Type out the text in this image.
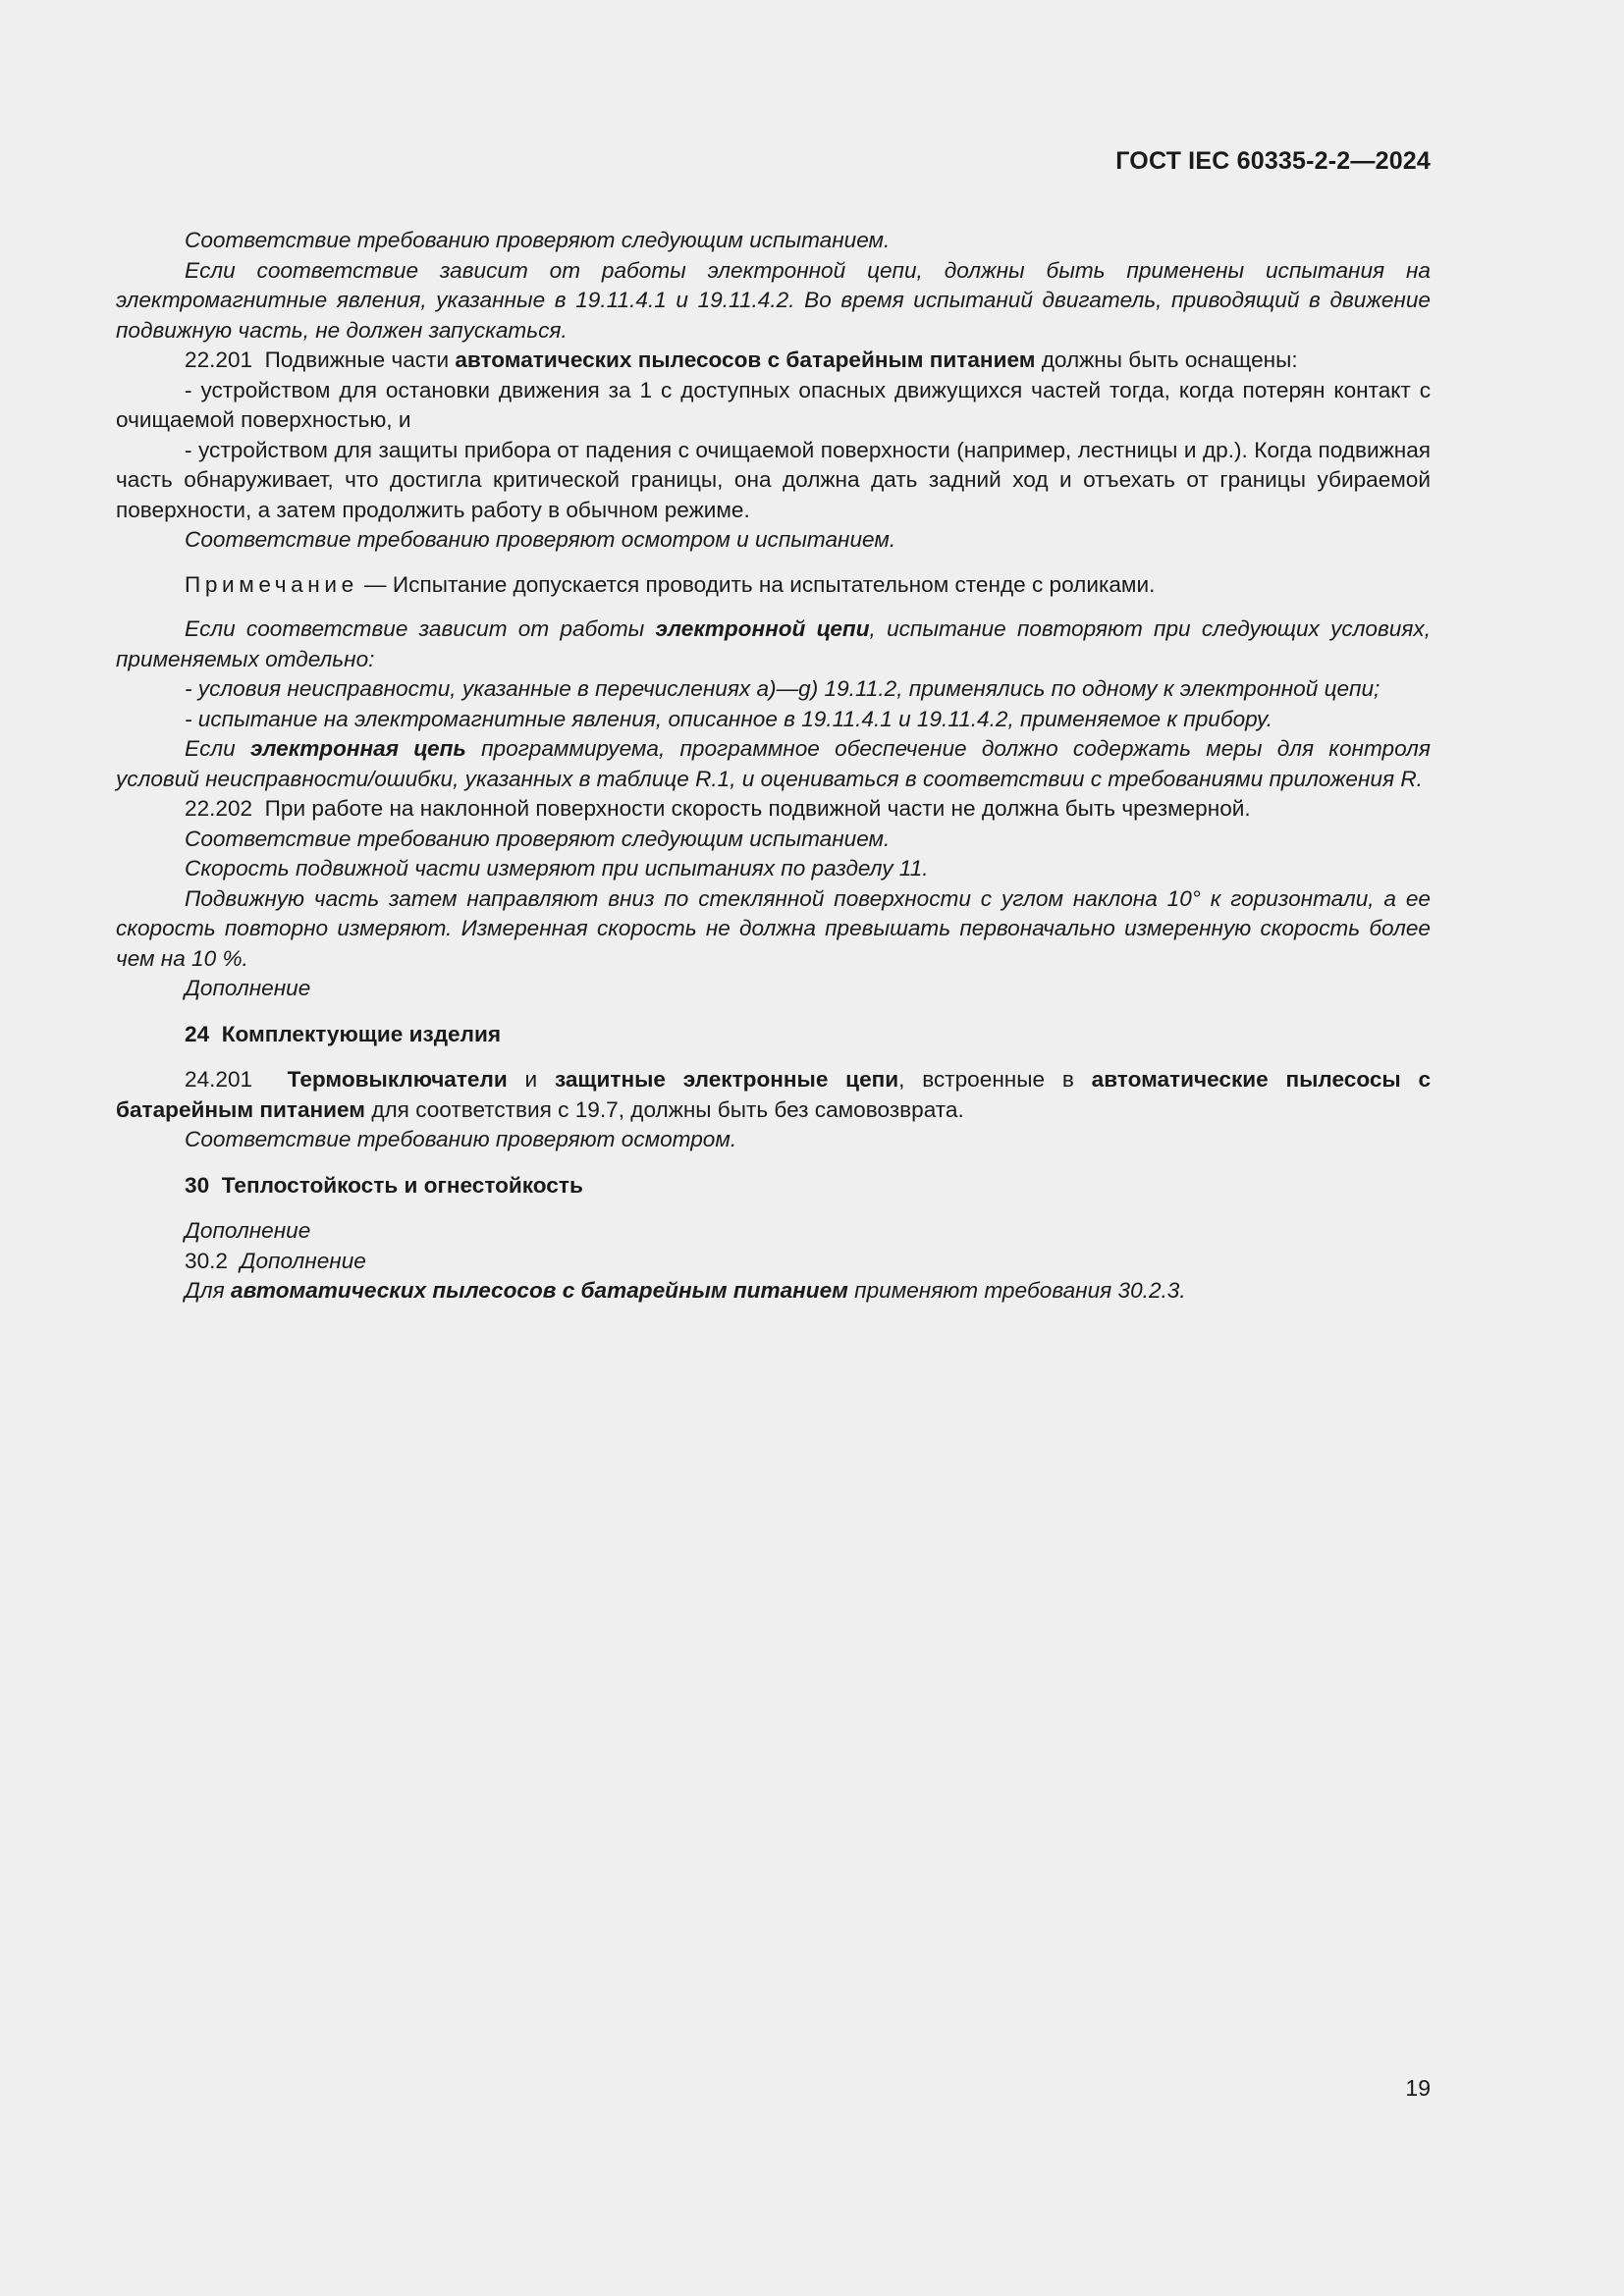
ГОСТ IEC 60335-2-2—2024

Соответствие требованию проверяют следующим испытанием.

Если соответствие зависит от работы электронной цепи, должны быть применены испытания на электромагнитные явления, указанные в 19.11.4.1 и 19.11.4.2. Во время испытаний двигатель, приводящий в движение подвижную часть, не должен запускаться.

22.201 Подвижные части автоматических пылесосов с батарейным питанием должны быть оснащены:

- устройством для остановки движения за 1 с доступных опасных движущихся частей тогда, когда потерян контакт с очищаемой поверхностью, и

- устройством для защиты прибора от падения с очищаемой поверхности (например, лестницы и др.). Когда подвижная часть обнаруживает, что достигла критической границы, она должна дать задний ход и отъехать от границы убираемой поверхности, а затем продолжить работу в обычном режиме.

Соответствие требованию проверяют осмотром и испытанием.

Примечание — Испытание допускается проводить на испытательном стенде с роликами.

Если соответствие зависит от работы электронной цепи, испытание повторяют при следующих условиях, применяемых отдельно:

- условия неисправности, указанные в перечислениях a)—g) 19.11.2, применялись по одному к электронной цепи;

- испытание на электромагнитные явления, описанное в 19.11.4.1 и 19.11.4.2, применяемое к прибору.

Если электронная цепь программируема, программное обеспечение должно содержать меры для контроля условий неисправности/ошибки, указанных в таблице R.1, и оцениваться в соответствии с требованиями приложения R.

22.202 При работе на наклонной поверхности скорость подвижной части не должна быть чрезмерной.

Соответствие требованию проверяют следующим испытанием.

Скорость подвижной части измеряют при испытаниях по разделу 11.

Подвижную часть затем направляют вниз по стеклянной поверхности с углом наклона 10° к горизонтали, а ее скорость повторно измеряют. Измеренная скорость не должна превышать первоначально измеренную скорость более чем на 10 %.

Дополнение

24 Комплектующие изделия

24.201 Термовыключатели и защитные электронные цепи, встроенные в автоматические пылесосы с батарейным питанием для соответствия с 19.7, должны быть без самовозврата.

Соответствие требованию проверяют осмотром.

30 Теплостойкость и огнестойкость

Дополнение

30.2 Дополнение

Для автоматических пылесосов с батарейным питанием применяют требования 30.2.3.

19
